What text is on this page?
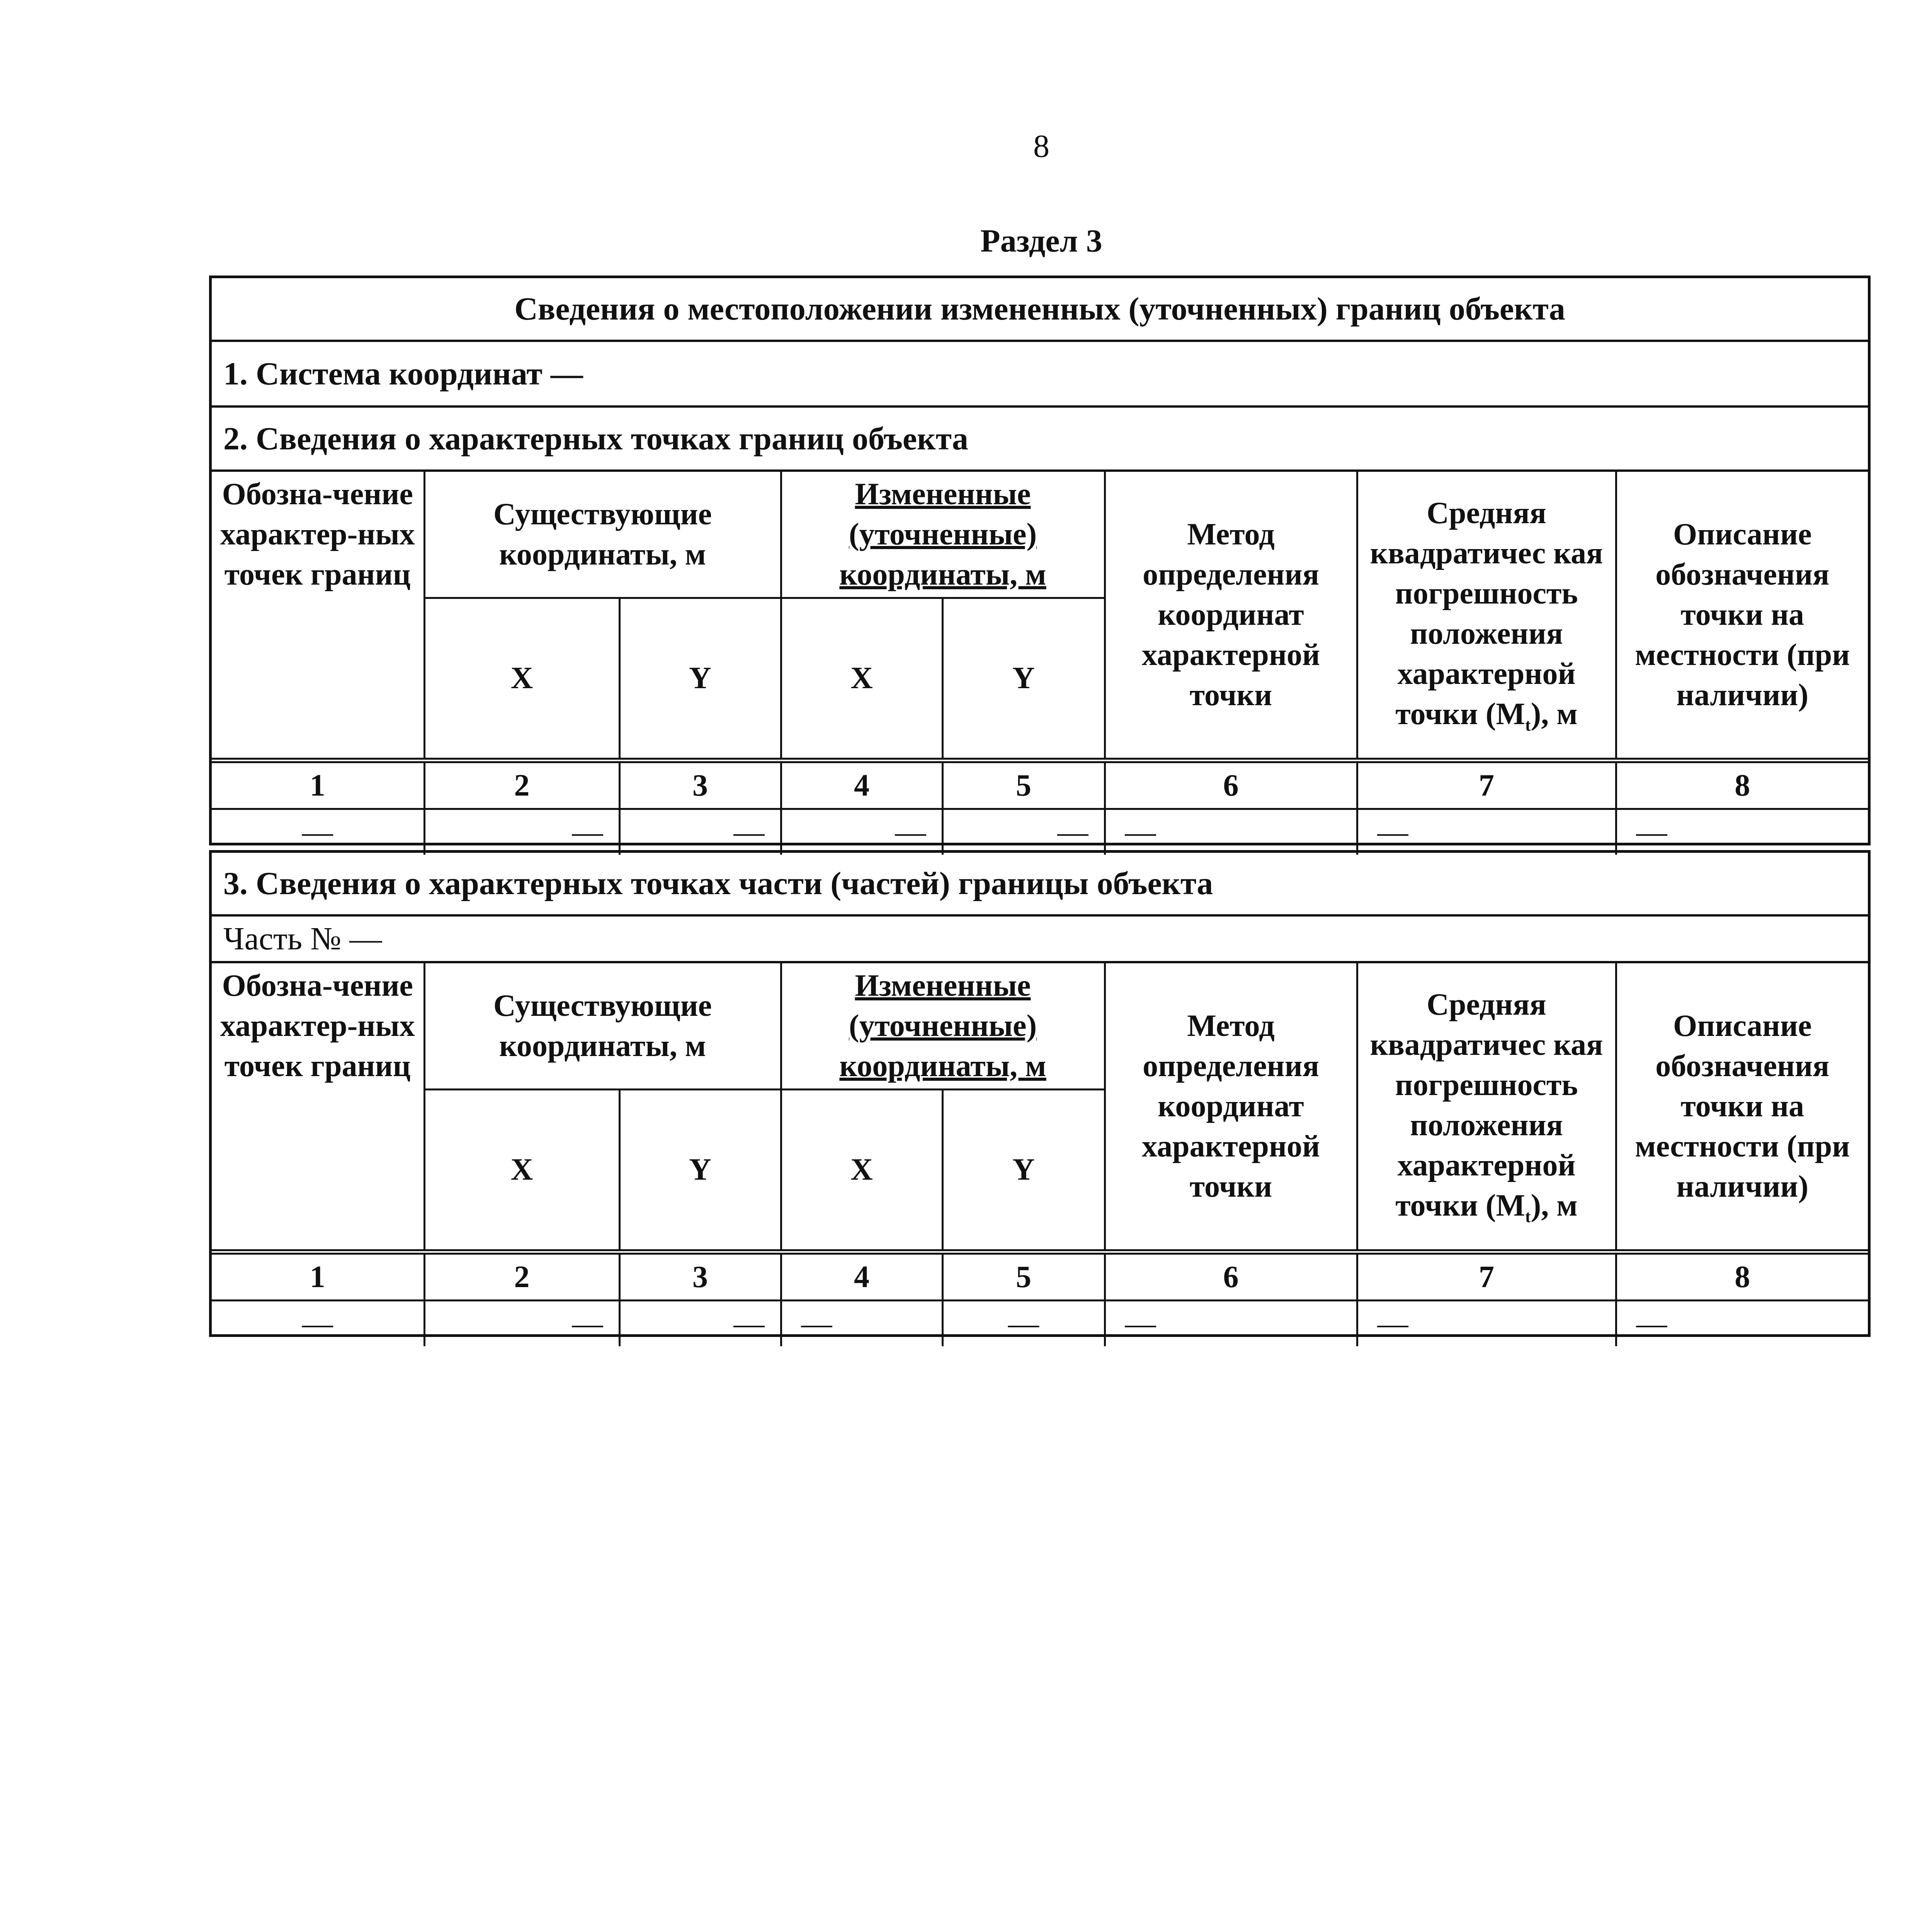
8
Раздел 3
Сведения о местоположении измененных (уточненных) границ объекта
1. Система координат —
2. Сведения о характерных точках границ объекта
Обозна-чение характер-ных точек границ	Существующие координаты, м		Измененные (уточненные) координаты, м		Метод определения координат характерной точки	Средняя квадратичес кая погрешность положения характерной точки $(M_t)$, м	Описание обозначения точки на местности (при наличии)
	X	Y	X	Y			
1	2	3	4	5	6	7	8
—	—	—	—	—	—	—	—
3. Сведения о характерных точках части (частей) границы объекта
Часть № —
Обозна-чение характер-ных точек границ	Существующие координаты, м		Измененные (уточненные) координаты, м		Метод определения координат характерной точки	Средняя квадратичес кая погрешность положения характерной точки $(M_t)$, м	Описание обозначения точки на местности (при наличии)
	X	Y	X	Y			
1	2	3	4	5	6	7	8
—	—	—	—	—	—	—	—
